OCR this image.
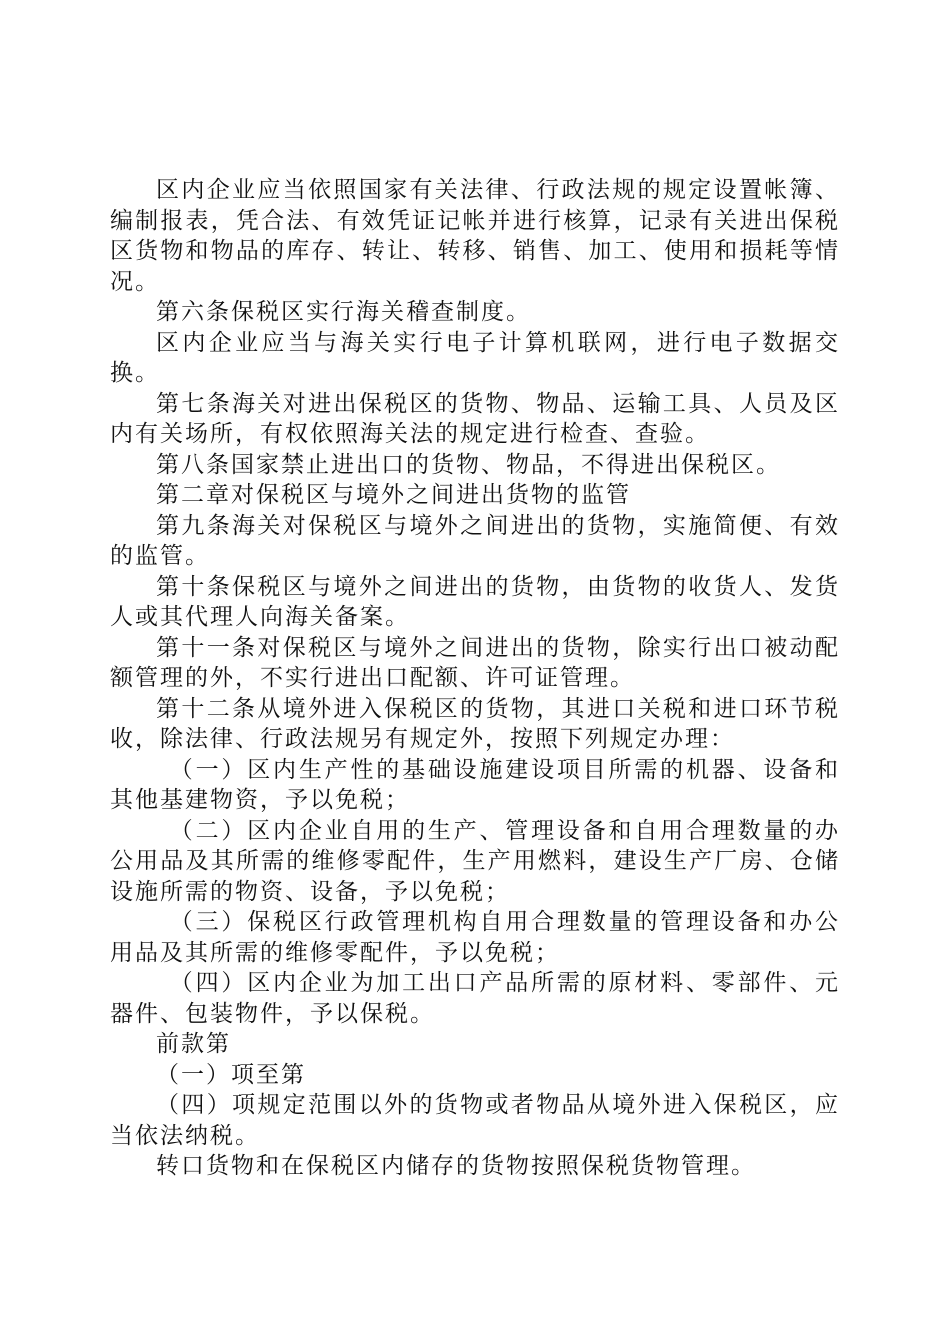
区内企业应当依照国家有关法律、行政法规的规定设置帐簿、编制报表，凭合法、有效凭证记帐并进行核算，记录有关进出保税区货物和物品的库存、转让、转移、销售、加工、使用和损耗等情况。

第六条保税区实行海关稽查制度。

区内企业应当与海关实行电子计算机联网，进行电子数据交换。

第七条海关对进出保税区的货物、物品、运输工具、人员及区内有关场所，有权依照海关法的规定进行检查、查验。

第八条国家禁止进出口的货物、物品，不得进出保税区。

第二章对保税区与境外之间进出货物的监管

第九条海关对保税区与境外之间进出的货物，实施简便、有效的监管。

第十条保税区与境外之间进出的货物，由货物的收货人、发货人或其代理人向海关备案。

第十一条对保税区与境外之间进出的货物，除实行出口被动配额管理的外，不实行进出口配额、许可证管理。

第十二条从境外进入保税区的货物，其进口关税和进口环节税收，除法律、行政法规另有规定外，按照下列规定办理：

（一）区内生产性的基础设施建设项目所需的机器、设备和其他基建物资，予以免税；

（二）区内企业自用的生产、管理设备和自用合理数量的办公用品及其所需的维修零配件，生产用燃料，建设生产厂房、仓储设施所需的物资、设备，予以免税；

（三）保税区行政管理机构自用合理数量的管理设备和办公用品及其所需的维修零配件，予以免税；

（四）区内企业为加工出口产品所需的原材料、零部件、元器件、包装物件，予以保税。

前款第

（一）项至第

（四）项规定范围以外的货物或者物品从境外进入保税区，应当依法纳税。

转口货物和在保税区内储存的货物按照保税货物管理。
